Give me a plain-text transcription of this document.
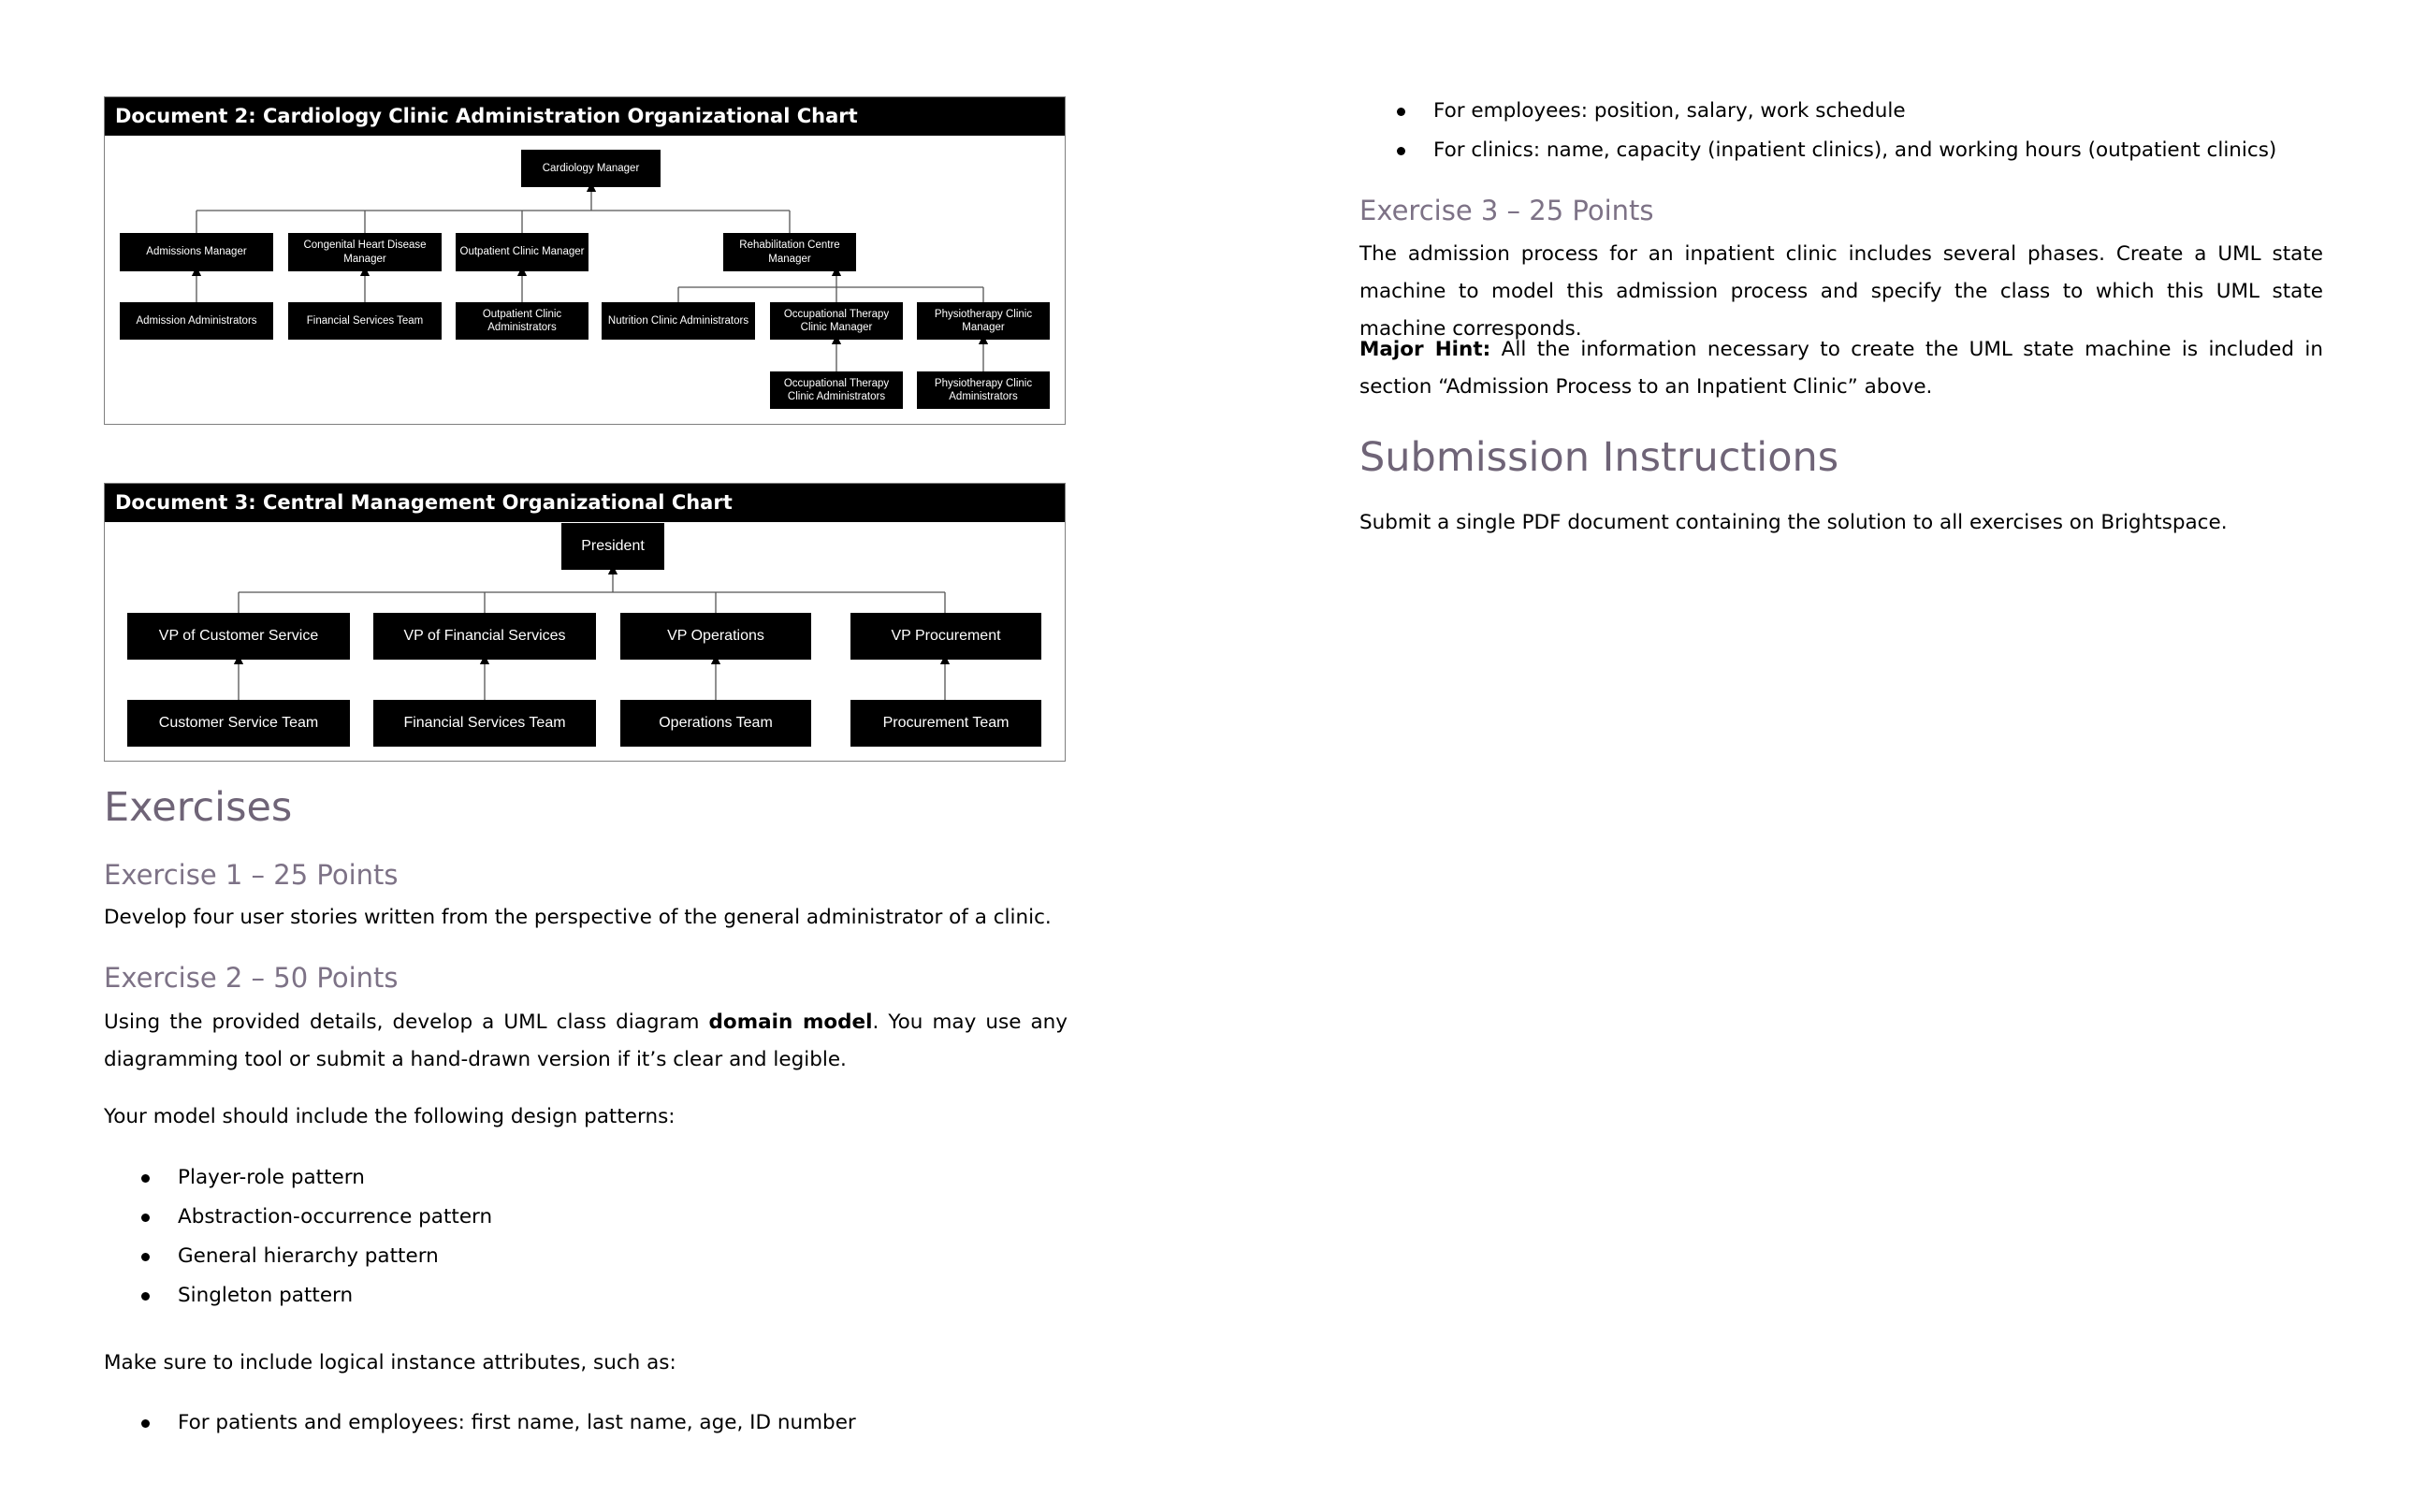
Document 2: Cardiology Clinic Administration Organizational Chart
Cardiology Manager
Admissions Manager
Congenital Heart Disease Manager
Outpatient Clinic Manager
Rehabilitation Centre Manager
Admission Administrators	Financial Services Team
Outpatient Clinic Administrators
Nutrition Clinic Administrators
Occupational Therapy Clinic Manager
Physiotherapy Clinic Manager
Occupational Therapy Clinic Administrators
Physiotherapy Clinic Administrators
Document 3: Central Management Organizational Chart
President
VP of Customer Service	VP of Financial Services	VP Operations	VP Procurement
Customer Service Team	Financial Services Team	Operations Team	Procurement Team
Exercises
Exercise 1 – 25 Points

Develop four user stories written from the perspective of the general administrator of a clinic.

Exercise 2 – 50 Points

Using the provided details, develop a UML class diagram domain model. You may use any diagramming tool or submit a hand-drawn version if it’s clear and legible.

Your model should include the following design patterns:

Player-role pattern
Abstraction-occurrence pattern
General hierarchy pattern
Singleton pattern

Make sure to include logical instance attributes, such as:

For patients and employees: first name, last name, age, ID number
For employees: position, salary, work schedule
For clinics: name, capacity (inpatient clinics), and working hours (outpatient clinics)
Exercise 3 – 25 Points

The admission process for an inpatient clinic includes several phases. Create a UML state machine to model this admission process and specify the class to which this UML state machine corresponds.

Major Hint: All the information necessary to create the UML state machine is included in section “Admission Process to an Inpatient Clinic” above.

Submission Instructions

Submit a single PDF document containing the solution to all exercises on Brightspace.
